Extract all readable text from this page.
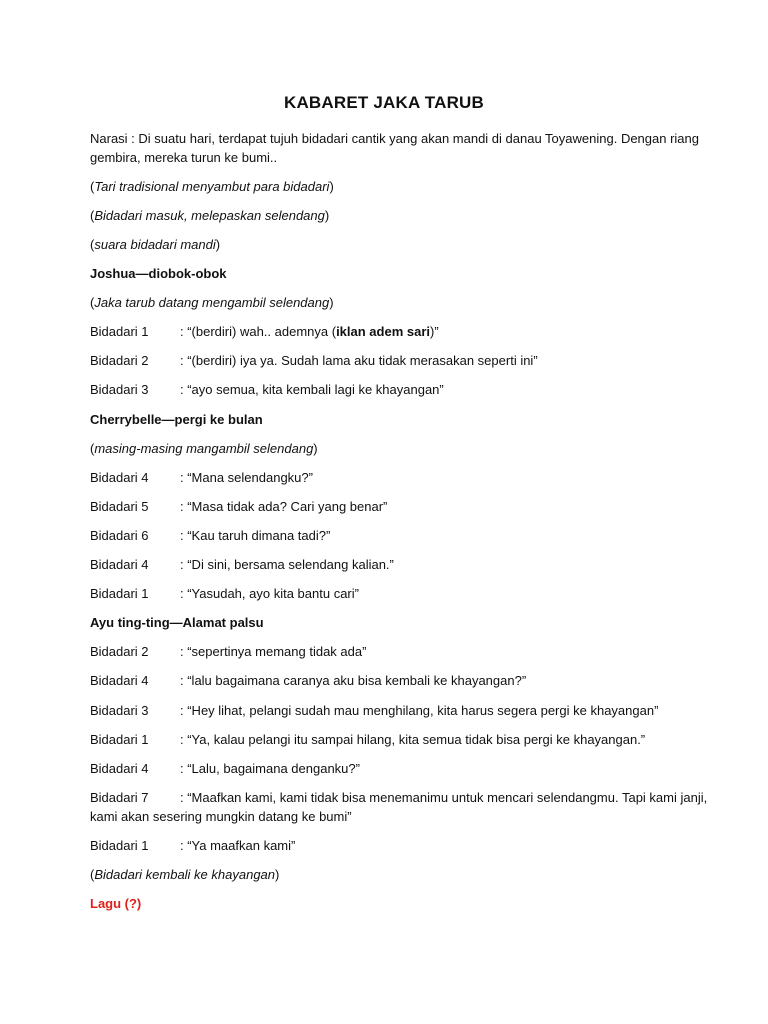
KABARET JAKA TARUB
Narasi : Di suatu hari, terdapat tujuh bidadari cantik yang akan mandi di danau Toyawening. Dengan riang gembira, mereka turun ke bumi..
(Tari tradisional menyambut para bidadari)
(Bidadari masuk, melepaskan selendang)
(suara bidadari mandi)
Joshua—diobok-obok
(Jaka tarub datang mengambil selendang)
Bidadari 1 : “(berdiri) wah.. ademnya (iklan adem sari)”
Bidadari 2 : “(berdiri) iya ya. Sudah lama aku tidak merasakan seperti ini”
Bidadari 3 : “ayo semua, kita kembali lagi ke khayangan”
Cherrybelle—pergi ke bulan
(masing-masing mangambil selendang)
Bidadari 4 : “Mana selendangku?”
Bidadari 5 : “Masa tidak ada? Cari yang benar”
Bidadari 6 : “Kau taruh dimana tadi?”
Bidadari 4 : “Di sini, bersama selendang kalian.”
Bidadari 1 : “Yasudah, ayo kita bantu cari”
Ayu ting-ting—Alamat palsu
Bidadari 2 : “sepertinya memang tidak ada”
Bidadari 4 : “lalu bagaimana caranya aku bisa kembali ke khayangan?”
Bidadari 3 : “Hey lihat, pelangi sudah mau menghilang, kita harus segera pergi ke khayangan”
Bidadari 1 : “Ya, kalau pelangi itu sampai hilang, kita semua tidak bisa pergi ke khayangan.”
Bidadari 4 : “Lalu, bagaimana denganku?”
Bidadari 7 : “Maafkan kami, kami tidak bisa menemanimu untuk mencari selendangmu. Tapi kami janji, kami akan sesering mungkin datang ke bumi”
Bidadari 1 : “Ya maafkan kami”
(Bidadari kembali ke khayangan)
Lagu (?)
